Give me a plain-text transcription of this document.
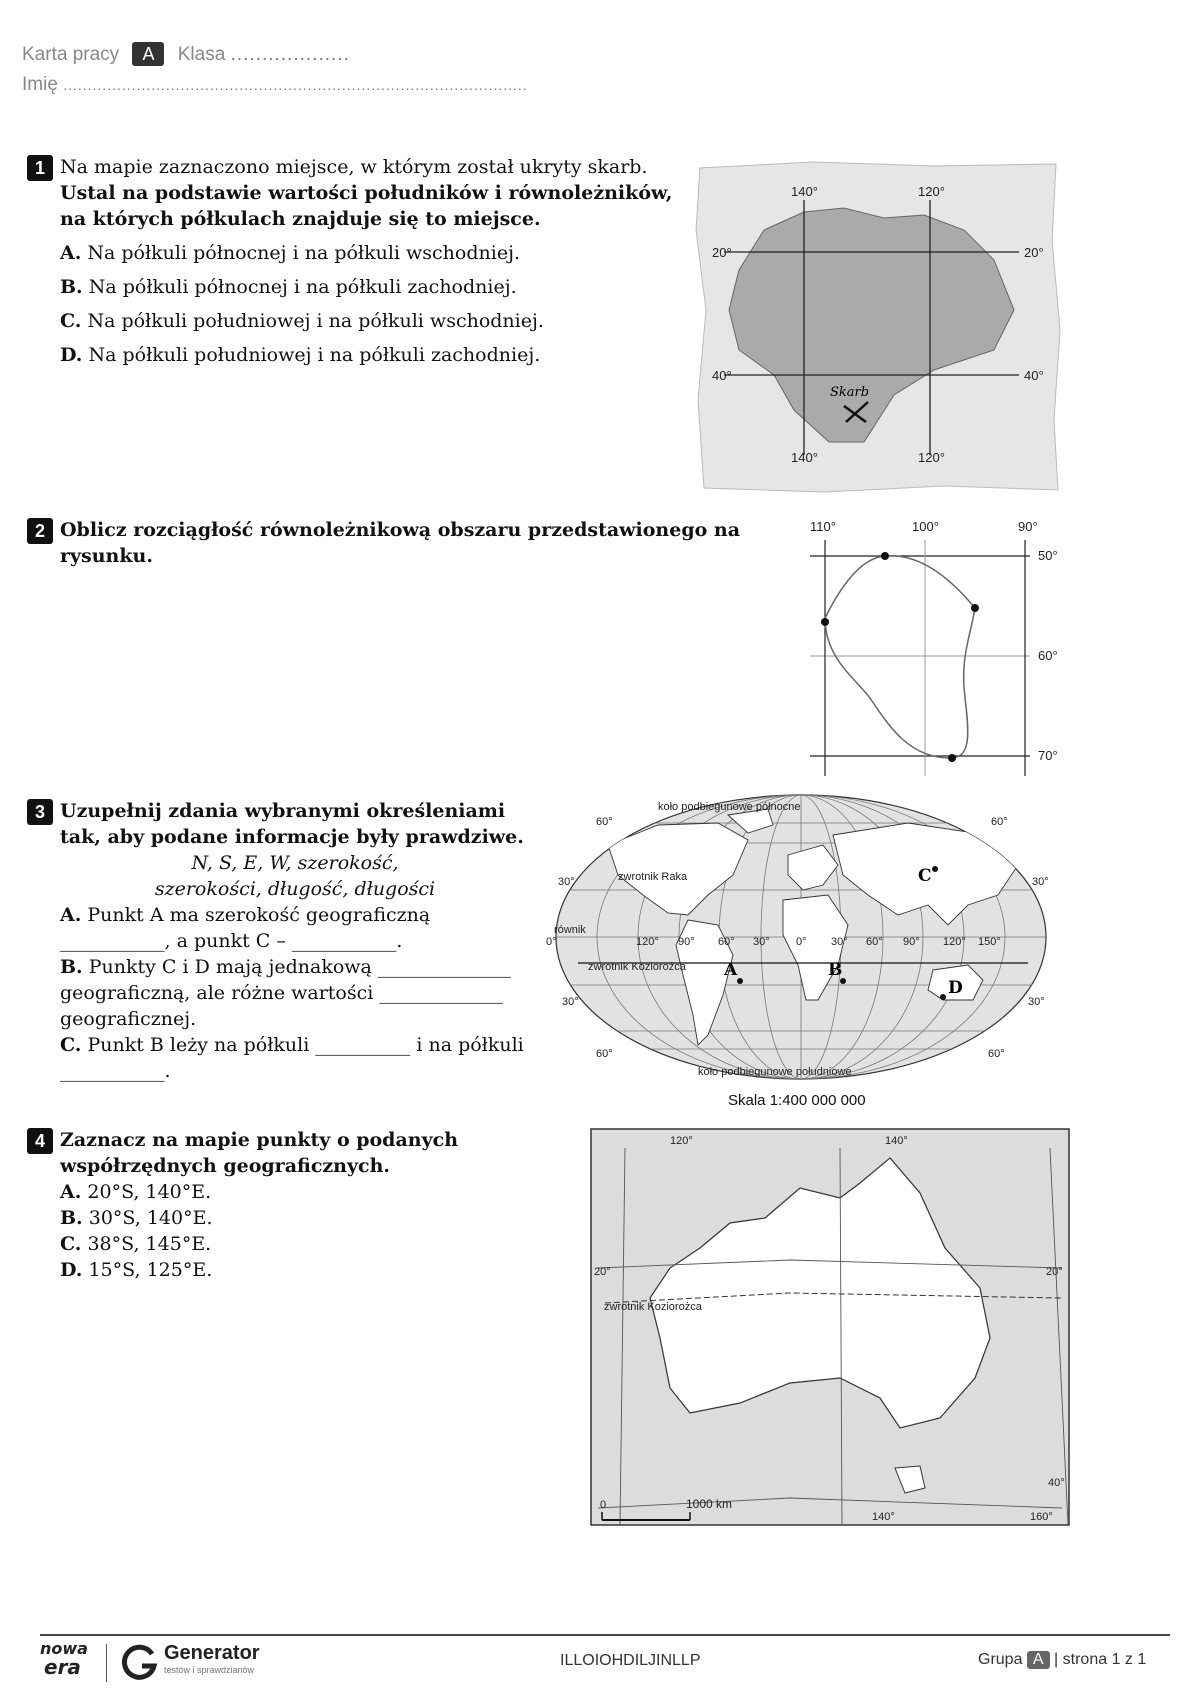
Karta pracy A Klasa ...................
Imię ...............................................................................................
1 Na mapie zaznaczono miejsce, w którym został ukryty skarb. Ustal na podstawie wartości południków i równoleżników, na których półkulach znajduje się to miejsce.
A. Na półkuli północnej i na półkuli wschodniej.
B. Na półkuli północnej i na półkuli zachodniej.
C. Na półkuli południowej i na półkuli wschodniej.
D. Na półkuli południowej i na półkuli zachodniej.
140°	120°
20°	20°
40°	40°
140°	120°
Skarb
2 Oblicz rozciągłość równoleżnikową obszaru przedstawionego na rysunku.
110°	100°	90°
50°
60°
70°
3 Uzupełnij zdania wybranymi określeniami tak, aby podane informacje były prawdziwe.
N, S, E, W, szerokość,
szerokości, długość, długości
A. Punkt A ma szerokość geograficzną
___________, a punkt C – ___________.
B. Punkty C i D mają jednakową ______________
geograficzną, ale różne wartości _____________
geograficznej.
C. Punkt B leży na półkuli __________ i na półkuli
___________.
koło podbiegunowe północne
zwrotnik Raka
równik
zwrotnik Koziorożca
koło podbiegunowe południowe
60°
30°
0°
30°
60°
60°
30°
30°
60°
120° 90° 60° 30° 0° 30° 60° 90° 120° 150°
A	B
C
D
Skala 1:400 000 000
4 Zaznacz na mapie punkty o podanych współrzędnych geograficznych.
A. 20°S, 140°E.
B. 30°S, 140°E.
C. 38°S, 145°E.
D. 15°S, 125°E.
120°	140°
20°	20°
zwrotnik Koziorożca
40°
0	1000 km
140°	160°
nowa
era
Generator
testów i sprawdzianów
ILLOIOHDILJINLLP	Grupa A | strona 1 z 1
